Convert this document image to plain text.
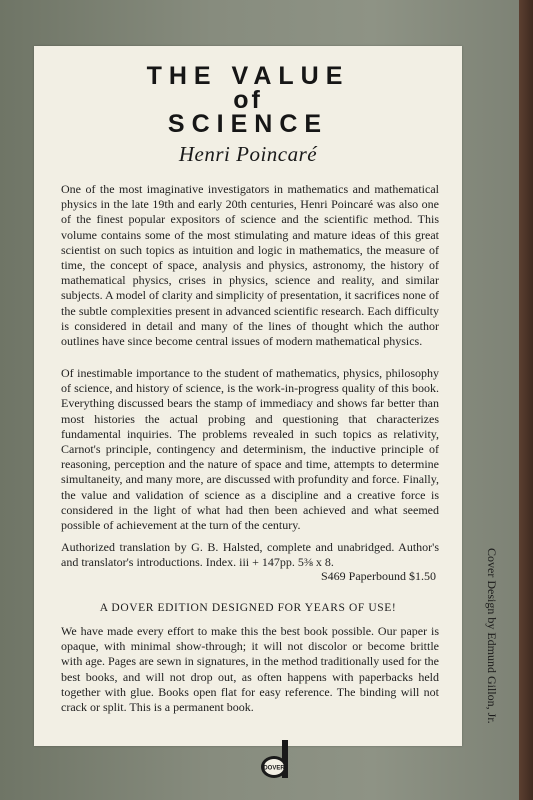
THE VALUE
of
SCIENCE
Henri Poincaré

One of the most imaginative investigators in mathematics and mathematical physics in the late 19th and early 20th centuries, Henri Poincaré was also one of the finest popular expositors of science and the scientific method. This volume contains some of the most stimulating and mature ideas of this great scientist on such topics as intuition and logic in mathematics, the measure of time, the concept of space, analysis and physics, astronomy, the history of mathematical physics, crises in physics, science and reality, and similar subjects. A model of clarity and simplicity of presentation, it sacrifices none of the subtle complexities present in advanced scientific research. Each difficulty is considered in detail and many of the lines of thought which the author outlines have since become central issues of modern mathematical physics.

Of inestimable importance to the student of mathematics, physics, philosophy of science, and history of science, is the work-in-progress quality of this book. Everything discussed bears the stamp of immediacy and shows far better than most histories the actual probing and questioning that characterizes fundamental inquiries. The problems revealed in such topics as relativity, Carnot's principle, contingency and determinism, the inductive principle of reasoning, perception and the nature of space and time, attempts to determine simultaneity, and many more, are discussed with profundity and force. Finally, the value and validation of science as a discipline and a creative force is considered in the light of what had then been achieved and what seemed possible of achievement at the turn of the century.

Authorized translation by G. B. Halsted, complete and unabridged. Author's and translator's introductions. Index. iii + 147pp. 5⅜ x 8.

S469 Paperbound $1.50
A DOVER EDITION DESIGNED FOR YEARS OF USE!

We have made every effort to make this the best book possible. Our paper is opaque, with minimal show-through; it will not discolor or become brittle with age. Pages are sewn in signatures, in the method traditionally used for the best books, and will not drop out, as often happens with paperbacks held together with glue. Books open flat for easy reference. The binding will not crack or split. This is a permanent book.

DOVER
Cover Design by Edmund Gillon, Jr.
